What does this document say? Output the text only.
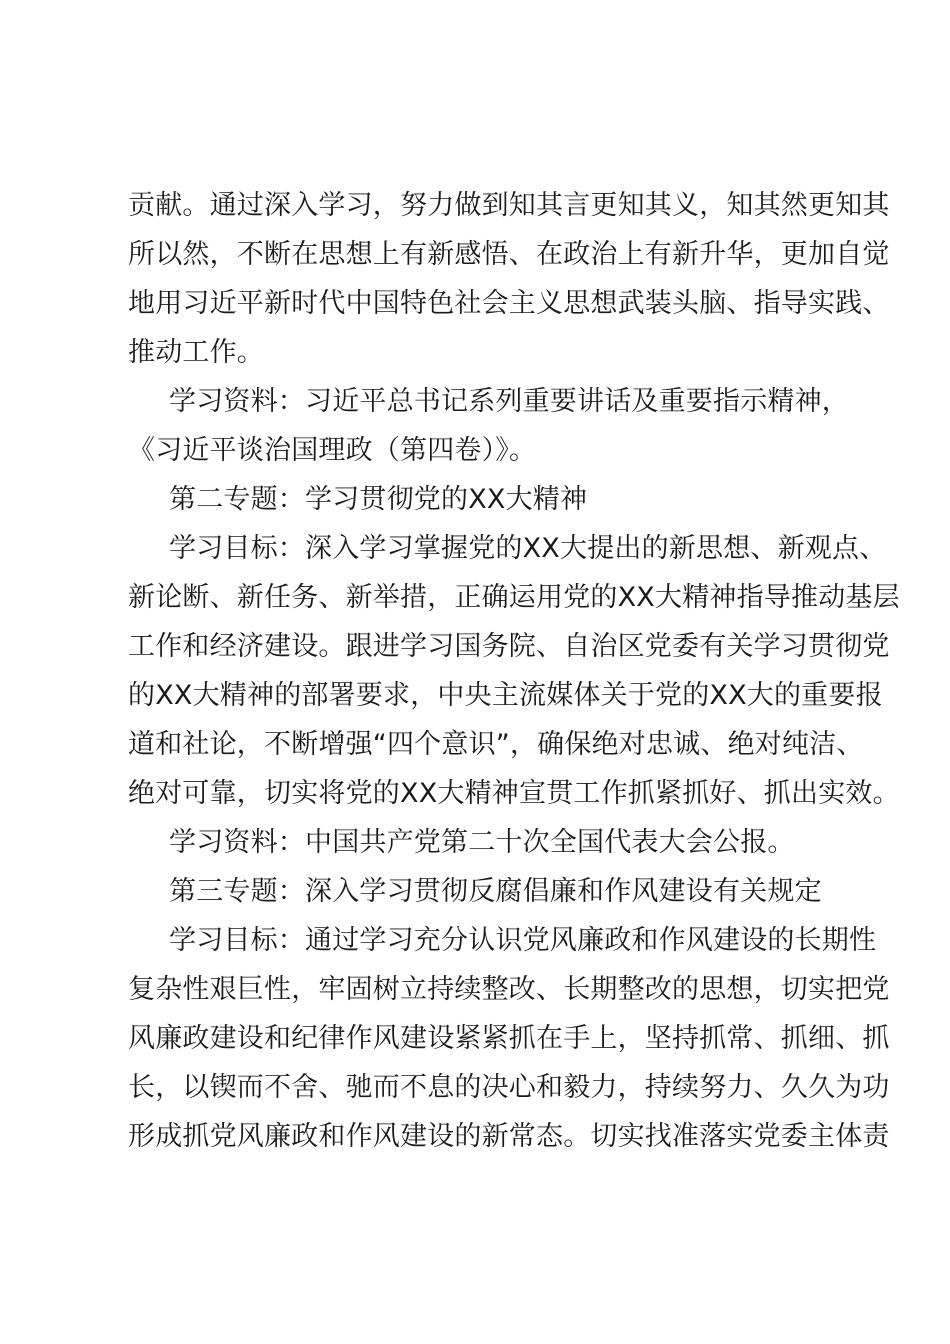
贡献。通过深入学习，努力做到知其言更知其义，知其然更知其
所以然，不断在思想上有新感悟、在政治上有新升华，更加自觉
地用习近平新时代中国特色社会主义思想武装头脑、指导实践、
推动工作。
学习资料：习近平总书记系列重要讲话及重要指示精神，
《习近平谈治国理政（第四卷）》。
第二专题：学习贯彻党的XX大精神
学习目标：深入学习掌握党的XX大提出的新思想、新观点、
新论断、新任务、新举措，正确运用党的XX大精神指导推动基层
工作和经济建设。跟进学习国务院、自治区党委有关学习贯彻党
的XX大精神的部署要求，中央主流媒体关于党的XX大的重要报
道和社论，不断增强“四个意识”，确保绝对忠诚、绝对纯洁、
绝对可靠，切实将党的XX大精神宣贯工作抓紧抓好、抓出实效。
学习资料：中国共产党第二十次全国代表大会公报。
第三专题：深入学习贯彻反腐倡廉和作风建设有关规定
学习目标：通过学习充分认识党风廉政和作风建设的长期性
复杂性艰巨性，牢固树立持续整改、长期整改的思想，切实把党
风廉政建设和纪律作风建设紧紧抓在手上，坚持抓常、抓细、抓
长，以锲而不舍、驰而不息的决心和毅力，持续努力、久久为功
形成抓党风廉政和作风建设的新常态。切实找准落实党委主体责
